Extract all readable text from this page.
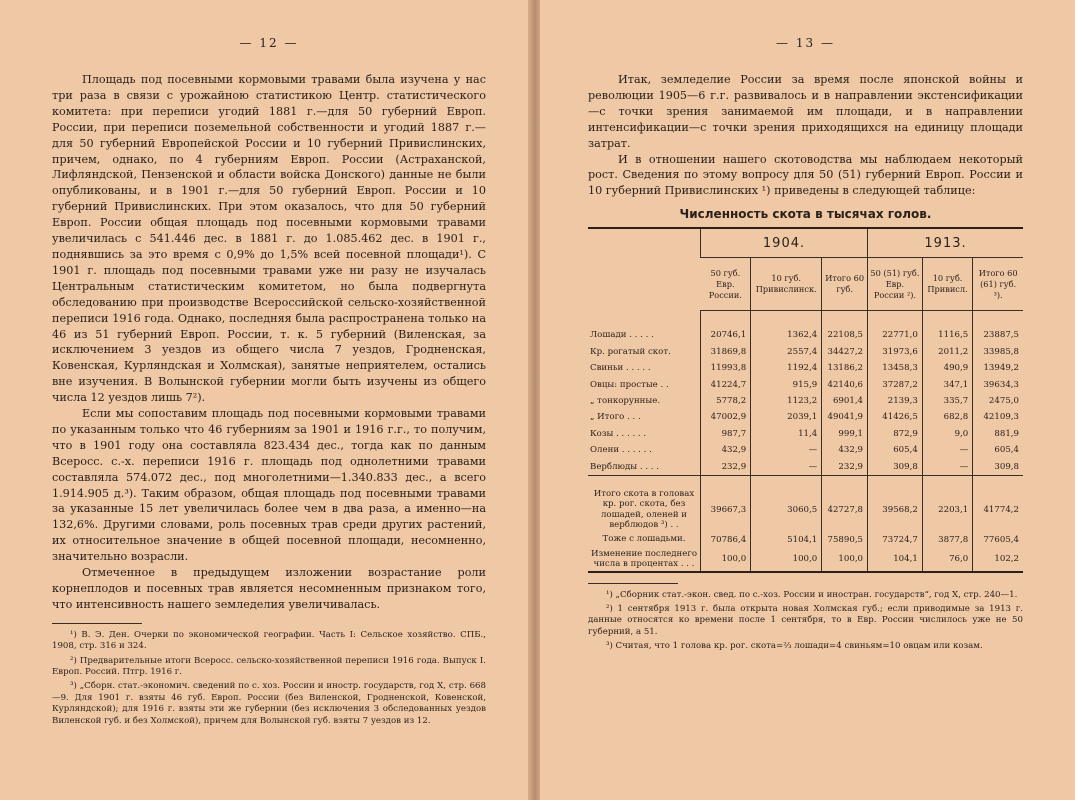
— 12 —

Площадь под посевными кормовыми травами была изучена у нас три раза в связи с урожайною статистикою Центр. статистического комитета: при переписи угодий 1881 г.—для 50 губерний Европ. России, при переписи поземельной собственности и угодий 1887 г.—для 50 губерний Европейской России и 10 губерний Привислинских, причем, однако, по 4 губерниям Европ. России (Астраханской, Лифляндской, Пензенской и области войска Донского) данные не были опубликованы, и в 1901 г.—для 50 губерний Европ. России и 10 губерний Привислинских. При этом оказалось, что для 50 губерний Европ. России общая площадь под посевными кормовыми травами увеличилась с 541.446 дес. в 1881 г. до 1.085.462 дес. в 1901 г., поднявшись за это время с 0,9% до 1,5% всей посевной площади¹). С 1901 г. площадь под посевными травами уже ни разу не изучалась Центральным статистическим комитетом, но была подвергнута обследованию при производстве Всероссийской сельско-хозяйственной переписи 1916 года. Однако, последняя была распространена только на 46 из 51 губерний Европ. России, т. к. 5 губерний (Виленская, за исключением 3 уездов из общего числа 7 уездов, Гродненская, Ковенская, Курляндская и Холмская), занятые неприятелем, остались вне изучения. В Волынской губернии могли быть изучены из общего числа 12 уездов лишь 7²).

Если мы сопоставим площадь под посевными кормовыми травами по указанным только что 46 губерниям за 1901 и 1916 г.г., то получим, что в 1901 году она составляла 823.434 дес., тогда как по данным Всеросс. с.-х. переписи 1916 г. площадь под однолетними травами составляла 574.072 дес., под многолетними—1.340.833 дес., а всего 1.914.905 д.³). Таким образом, общая площадь под посевными травами за указанные 15 лет увеличилась более чем в два раза, а именно—на 132,6%. Другими словами, роль посевных трав среди других растений, их относительное значение в общей посевной площади, несомненно, значительно возрасли.

Отмеченное в предыдущем изложении возрастание роли корнеплодов и посевных трав является несомненным признаком того, что интенсивность нашего земледелия увеличивалась.

¹) В. Э. Ден. Очерки по экономической географии. Часть I: Сельское хозяйство. СПБ., 1908, стр. 316 и 324.

²) Предварительные итоги Всеросс. сельско-хозяйственной переписи 1916 года. Выпуск I. Европ. Россий. Птгр. 1916 г.

³) „Сборн. стат.-экономич. сведений по с. хоз. России и иностр. государств, год X, стр. 668—9. Для 1901 г. взяты 46 губ. Европ. России (без Виленской, Гродненской, Ковенской, Курляндской); для 1916 г. взяты эти же губернии (без исключения 3 обследованных уездов Виленской губ. и без Холмской), причем для Волынской губ. взяты 7 уездов из 12.

— 13 —

Итак, земледелие России за время после японской войны и революции 1905—6 г.г. развивалось и в направлении экстенсификации—с точки зрения занимаемой им площади, и в направлении интенсификации—с точки зрения приходящихся на единицу площади затрат.

И в отношении нашего скотоводства мы наблюдаем некоторый рост. Сведения по этому вопросу для 50 (51) губерний Европ. России и 10 губерний Привислинских ¹) приведены в следующей таблице:

Численность скота в тысячах голов.
	1904.			1913.		
	50 губ. Евр. России.	10 губ. Привислинск.	Итого 60 губ.	50 (51) губ. Евр. России ²).	10 губ. Привисл.	Итого 60 (61) губ. ³).

Лошади . . . . .	20746,1	1362,4	22108,5	22771,0	1116,5	23887,5
Кр. рогатый скот.	31869,8	2557,4	34427,2	31973,6	2011,2	33985,8
Свиньи . . . . .	11993,8	1192,4	13186,2	13458,3	490,9	13949,2
Овцы: простые . .	41224,7	915,9	42140,6	37287,2	347,1	39634,3
„ тонкорунные.	5778,2	1123,2	6901,4	2139,3	335,7	2475,0
„ Итого . . .	47002,9	2039,1	49041,9	41426,5	682,8	42109,3
Козы . . . . . .	987,7	11,4	999,1	872,9	9,0	881,9
Олени . . . . . .	432,9	—	432,9	605,4	—	605,4
Верблюды . . . .	232,9	—	232,9	309,8	—	309,8

Итого скота в головах кр. рог. скота, без лошадей, оленей и верблюдов ³) . .	39667,3	3060,5	42727,8	39568,2	2203,1	41774,2
Тоже с лошадьми.	70786,4	5104,1	75890,5	73724,7	3877,8	77605,4
Изменение последнего числа в процентах . . .	100,0	100,0	100,0	104,1	76,0	102,2

¹) „Сборник стат.-экон. свед. по с.-хоз. России и иностран. государств“, год X, стр. 240—1.

²) 1 сентября 1913 г. была открыта новая Холмская губ.; если приводимые за 1913 г. данные относятся ко времени после 1 сентября, то в Евр. России числилось уже не 50 губерний, а 51.

³) Считая, что 1 голова кр. рог. скота=⅔ лошади=4 свиньям=10 овцам или козам.
